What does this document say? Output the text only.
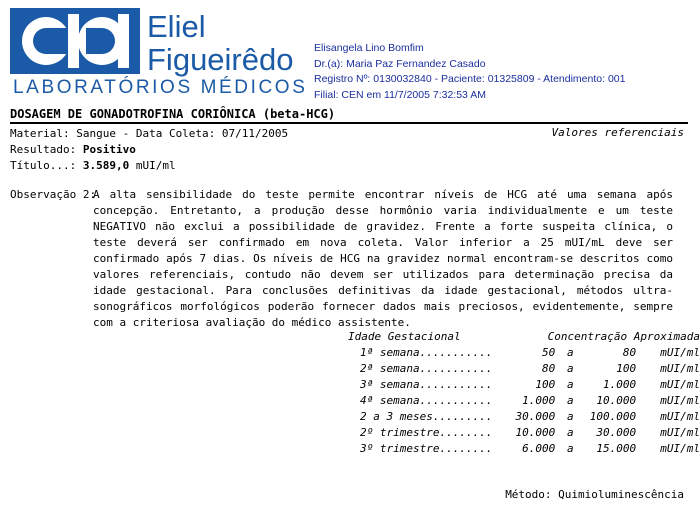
Eliel
Figueirêdo
LABORATÓRIOS MÉDICOS
Elisangela Lino Bomfim
Dr.(a): Maria Paz Fernandez Casado
Registro Nº: 0130032840 - Paciente: 01325809 - Atendimento: 001
Filial: CEN em 11/7/2005 7:32:53 AM
DOSAGEM DE GONADOTROFINA CORIÔNICA (beta-HCG)
Material: Sangue - Data Coleta: 07/11/2005	Valores referenciais
Resultado: Positivo
Título...: 3.589,0 mUI/ml
Observação 2:
A alta sensibilidade do teste permite encontrar níveis de HCG até uma semana após concepção. Entretanto, a produção desse hormônio varia individualmente e um teste NEGATIVO não exclui a possibilidade de gravidez. Frente a forte suspeita clínica, o teste deverá ser confirmado em nova coleta. Valor inferior a 25 mUI/mL deve ser confirmado após 7 dias. Os níveis de HCG na gravidez normal encontram-se descritos como valores referenciais, contudo não devem ser utilizados para determinação precisa da idade gestacional. Para conclusões definitivas da idade gestacional, métodos ultra-sonográficos morfológicos poderão fornecer dados mais preciosos, evidentemente, sempre com a criteriosa avaliação do médico assistente.
Idade Gestacional	Concentração Aproximada			
1ª semana...........	50	a	80	mUI/ml
2ª semana...........	80	a	100	mUI/ml
3ª semana...........	100	a	1.000	mUI/ml
4ª semana...........	1.000	a	10.000	mUI/ml
2 a 3 meses.........	30.000	a	100.000	mUI/ml
2º trimestre........	10.000	a	30.000	mUI/ml
3º trimestre........	6.000	a	15.000	mUI/ml
Método: Quimioluminescência
